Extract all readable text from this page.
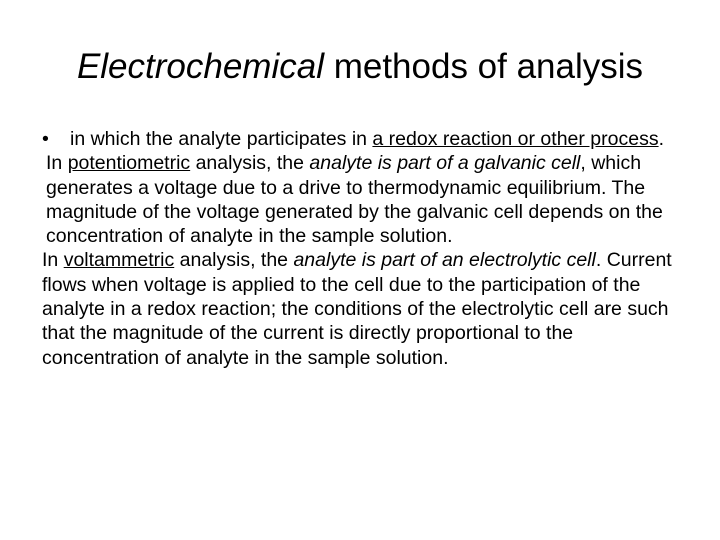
Electrochemical methods of analysis

• in which the analyte participates in a redox reaction or other process.

In potentiometric analysis, the analyte is part of a galvanic cell, which generates a voltage due to a drive to thermodynamic equilibrium. The magnitude of the voltage generated by the galvanic cell depends on the concentration of analyte in the sample solution.

In voltammetric analysis, the analyte is part of an electrolytic cell. Current flows when voltage is applied to the cell due to the participation of the analyte in a redox reaction; the conditions of the electrolytic cell are such that the magnitude of the current is directly proportional to the concentration of analyte in the sample solution.
